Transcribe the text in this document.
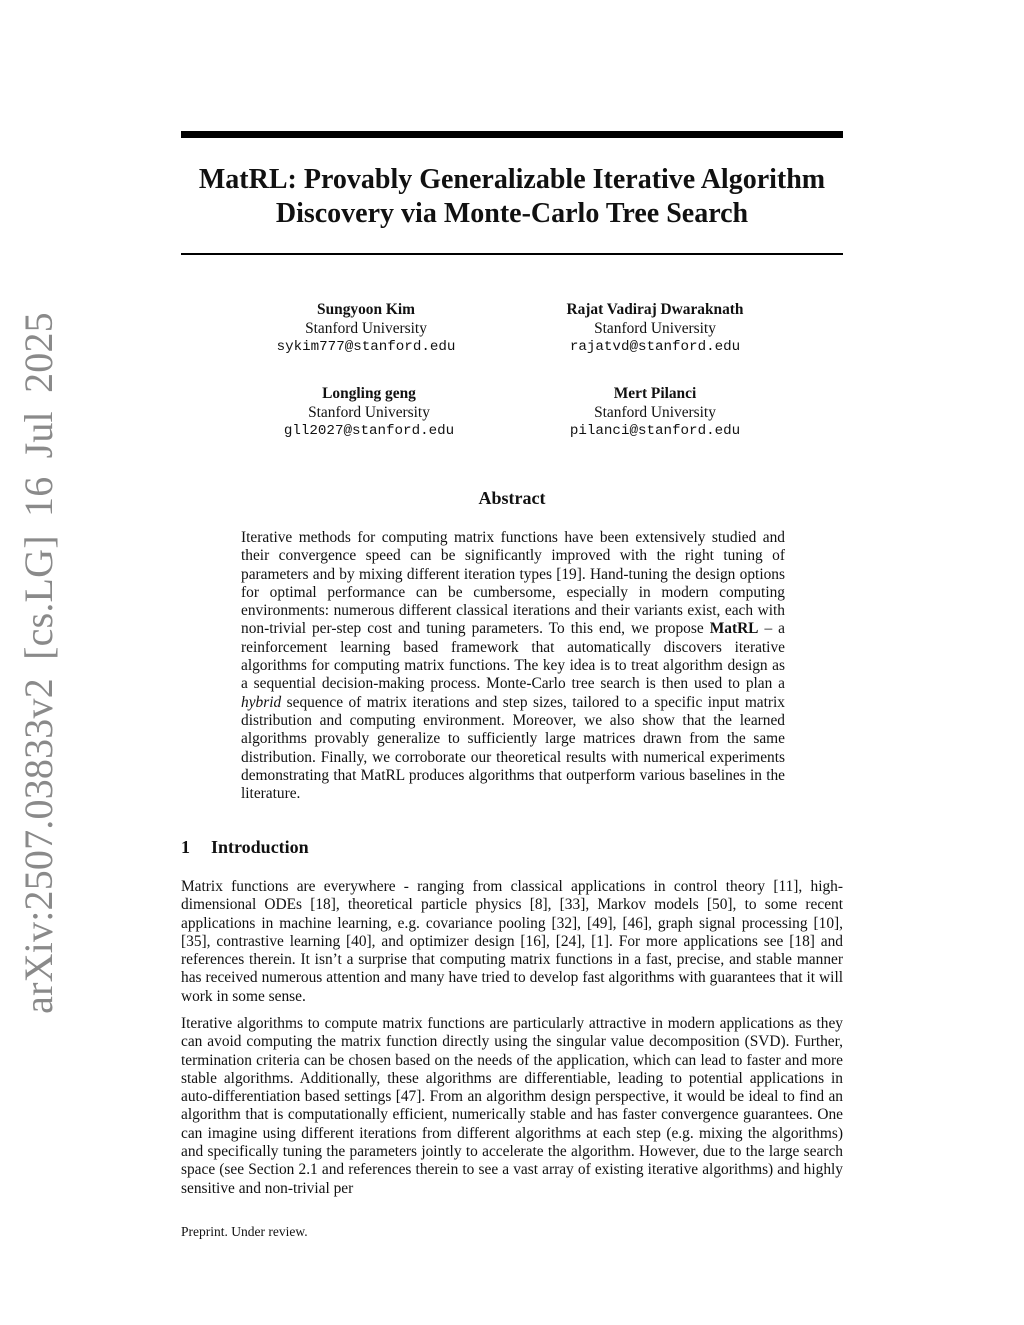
arXiv:2507.03833v2 [cs.LG] 16 Jul 2025
MatRL: Provably Generalizable Iterative Algorithm
Discovery via Monte-Carlo Tree Search
Sungyoon Kim
Stanford University
sykim777@stanford.edu
Rajat Vadiraj Dwaraknath
Stanford University
rajatvd@stanford.edu
Longling geng
Stanford University
gll2027@stanford.edu
Mert Pilanci
Stanford University
pilanci@stanford.edu
Abstract

Iterative methods for computing matrix functions have been extensively studied and their convergence speed can be significantly improved with the right tuning of parameters and by mixing different iteration types [19]. Hand-tuning the design options for optimal performance can be cumbersome, especially in modern computing environments: numerous different classical iterations and their variants exist, each with non-trivial per-step cost and tuning parameters. To this end, we propose MatRL – a reinforcement learning based framework that automatically discovers iterative algorithms for computing matrix functions. The key idea is to treat algorithm design as a sequential decision-making process. Monte-Carlo tree search is then used to plan a hybrid sequence of matrix iterations and step sizes, tailored to a specific input matrix distribution and computing environment. Moreover, we also show that the learned algorithms provably generalize to sufficiently large matrices drawn from the same distribution. Finally, we corroborate our theoretical results with numerical experiments demonstrating that MatRL produces algorithms that outperform various baselines in the literature.

1 Introduction

Matrix functions are everywhere - ranging from classical applications in control theory [11], high-dimensional ODEs [18], theoretical particle physics [8], [33], Markov models [50], to some recent applications in machine learning, e.g. covariance pooling [32], [49], [46], graph signal processing [10], [35], contrastive learning [40], and optimizer design [16], [24], [1]. For more applications see [18] and references therein. It isn’t a surprise that computing matrix functions in a fast, precise, and stable manner has received numerous attention and many have tried to develop fast algorithms with guarantees that it will work in some sense.

Iterative algorithms to compute matrix functions are particularly attractive in modern applications as they can avoid computing the matrix function directly using the singular value decomposition (SVD). Further, termination criteria can be chosen based on the needs of the application, which can lead to faster and more stable algorithms. Additionally, these algorithms are differentiable, leading to potential applications in auto-differentiation based settings [47]. From an algorithm design perspective, it would be ideal to find an algorithm that is computationally efficient, numerically stable and has faster convergence guarantees. One can imagine using different iterations from different algorithms at each step (e.g. mixing the algorithms) and specifically tuning the parameters jointly to accelerate the algorithm. However, due to the large search space (see Section 2.1 and references therein to see a vast array of existing iterative algorithms) and highly sensitive and non-trivial per

Preprint. Under review.
